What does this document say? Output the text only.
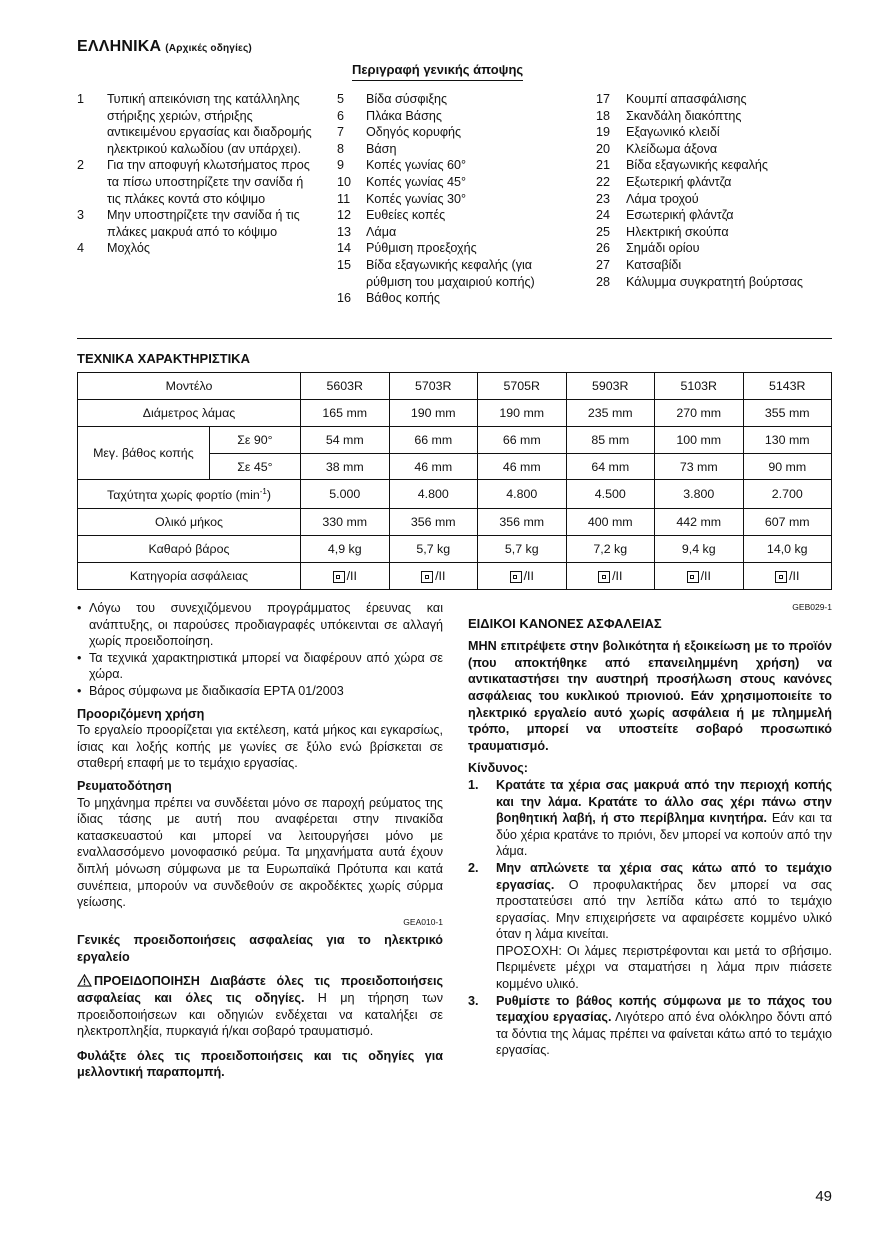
ΕΛΛΗΝΙΚΑ (Αρχικές οδηγίες)
Περιγραφή γενικής άποψης
1	Τυπική απεικόνιση της κατάλληλης στήριξης χεριών, στήριξης αντικειμένου εργασίας και διαδρομής ηλεκτρικού καλωδίου (αν υπάρχει).
2	Για την αποφυγή κλωτσήματος προς τα πίσω υποστηρίζετε την σανίδα ή τις πλάκες κοντά στο κόψιμο
3	Μην υποστηρίζετε την σανίδα ή τις πλάκες μακρυά από το κόψιμο
4	Μοχλός
5	Βίδα σύσφιξης
6	Πλάκα Βάσης
7	Οδηγός κορυφής
8	Βάση
9	Κοπές γωνίας 60°
10	Κοπές γωνίας 45°
11	Κοπές γωνίας 30°
12	Ευθείες κοπές
13	Λάμα
14	Ρύθμιση προεξοχής
15	Βίδα εξαγωνικής κεφαλής (για ρύθμιση του μαχαιριού κοπής)
16	Βάθος κοπής
17	Κουμπί απασφάλισης
18	Σκανδάλη διακόπτης
19	Εξαγωνικό κλειδί
20	Κλείδωμα άξονα
21	Βίδα εξαγωνικής κεφαλής
22	Εξωτερική φλάντζα
23	Λάμα τροχού
24	Εσωτερική φλάντζα
25	Ηλεκτρική σκούπα
26	Σημάδι ορίου
27	Κατσαβίδι
28	Κάλυμμα συγκρατητή βούρτσας
ΤΕΧΝΙΚΑ ΧΑΡΑΚΤΗΡΙΣΤΙΚΑ
Μοντέλο		5603R	5703R	5705R	5903R	5103R	5143R
Διάμετρος λάμας		165 mm	190 mm	190 mm	235 mm	270 mm	355 mm
Μεγ. βάθος κοπής	Σε 90°	54 mm	66 mm	66 mm	85 mm	100 mm	130 mm
	Σε 45°	38 mm	46 mm	46 mm	64 mm	73 mm	90 mm
Ταχύτητα χωρίς φορτίο $(\min^{-1})$		5.000	4.800	4.800	4.500	3.800	2.700
Ολικό μήκος		330 mm	356 mm	356 mm	400 mm	442 mm	607 mm
Καθαρό βάρος		4,9 kg	5,7 kg	5,7 kg	7,2 kg	9,4 kg	14,0 kg
Κατηγορία ασφάλειας		/II	/II	/II	/II	/II	/II
• Λόγω του συνεχιζόμενου προγράμματος έρευνας και ανάπτυξης, οι παρούσες προδιαγραφές υπόκεινται σε αλλαγή χωρίς προειδοποίηση.
• Τα τεχνικά χαρακτηριστικά μπορεί να διαφέρουν από χώρα σε χώρα.
• Βάρος σύμφωνα με διαδικασία EPTA 01/2003
Προοριζόμενη χρήση

Το εργαλείο προορίζεται για εκτέλεση, κατά μήκος και εγκαρσίως, ίσιας και λοξής κοπής με γωνίες σε ξύλο ενώ βρίσκεται σε σταθερή επαφή με το τεμάχιο εργασίας.

Ρευματοδότηση

Το μηχάνημα πρέπει να συνδέεται μόνο σε παροχή ρεύματος της ίδιας τάσης με αυτή που αναφέρεται στην πινακίδα κατασκευαστού και μπορεί να λειτουργήσει μόνο με εναλλασσόμενο μονοφασικό ρεύμα. Τα μηχανήματα αυτά έχουν διπλή μόνωση σύμφωνα με τα Ευρωπαϊκά Πρότυπα και κατά συνέπεια, μπορούν να συνδεθούν σε ακροδέκτες χωρίς σύρμα γείωσης.

GEA010-1

Γενικές προειδοποιήσεις ασφαλείας για το ηλεκτρικό εργαλείο

ΠΡΟΕΙΔΟΠΟΙΗΣΗ Διαβάστε όλες τις προειδοποιήσεις ασφαλείας και όλες τις οδηγίες. Η μη τήρηση των προειδοποιήσεων και οδηγιών ενδέχεται να καταλήξει σε ηλεκτροπληξία, πυρκαγιά ή/και σοβαρό τραυματισμό.

Φυλάξτε όλες τις προειδοποιήσεις και τις οδηγίες για μελλοντική παραπομπή.

GEB029-1
ΕΙΔΙΚΟΙ ΚΑΝΟΝΕΣ ΑΣΦΑΛΕΙΑΣ

ΜΗΝ επιτρέψετε στην βολικότητα ή εξοικείωση με το προϊόν (που αποκτήθηκε από επανειλημμένη χρήση) να αντικαταστήσει την αυστηρή προσήλωση στους κανόνες ασφάλειας του κυκλικού πριονιού. Εάν χρησιμοποιείτε το ηλεκτρικό εργαλείο αυτό χωρίς ασφάλεια ή με πλημμελή τρόπο, μπορεί να υποστείτε σοβαρό προσωπικό τραυματισμό.

Κίνδυνος:
1.	Κρατάτε τα χέρια σας μακρυά από την περιοχή κοπής και την λάμα. Κρατάτε το άλλο σας χέρι πάνω στην βοηθητική λαβή, ή στο περίβλημα κινητήρα. Εάν και τα δύο χέρια κρατάνε το πριόνι, δεν μπορεί να κοπούν από την λάμα.
2.	Μην απλώνετε τα χέρια σας κάτω από το τεμάχιο εργασίας. Ο προφυλακτήρας δεν μπορεί να σας προστατεύσει από την λεπίδα κάτω από το τεμάχιο εργασίας. Μην επιχειρήσετε να αφαιρέσετε κομμένο υλικό όταν η λάμα κινείται.
ΠΡΟΣΟΧΗ: Οι λάμες περιστρέφονται και μετά το σβήσιμο. Περιμένετε μέχρι να σταματήσει η λάμα πριν πιάσετε κομμένο υλικό.
3.	Ρυθμίστε το βάθος κοπής σύμφωνα με το πάχος του τεμαχίου εργασίας. Λιγότερο από ένα ολόκληρο δόντι από τα δόντια της λάμας πρέπει να φαίνεται κάτω από το τεμάχιο εργασίας.
49
